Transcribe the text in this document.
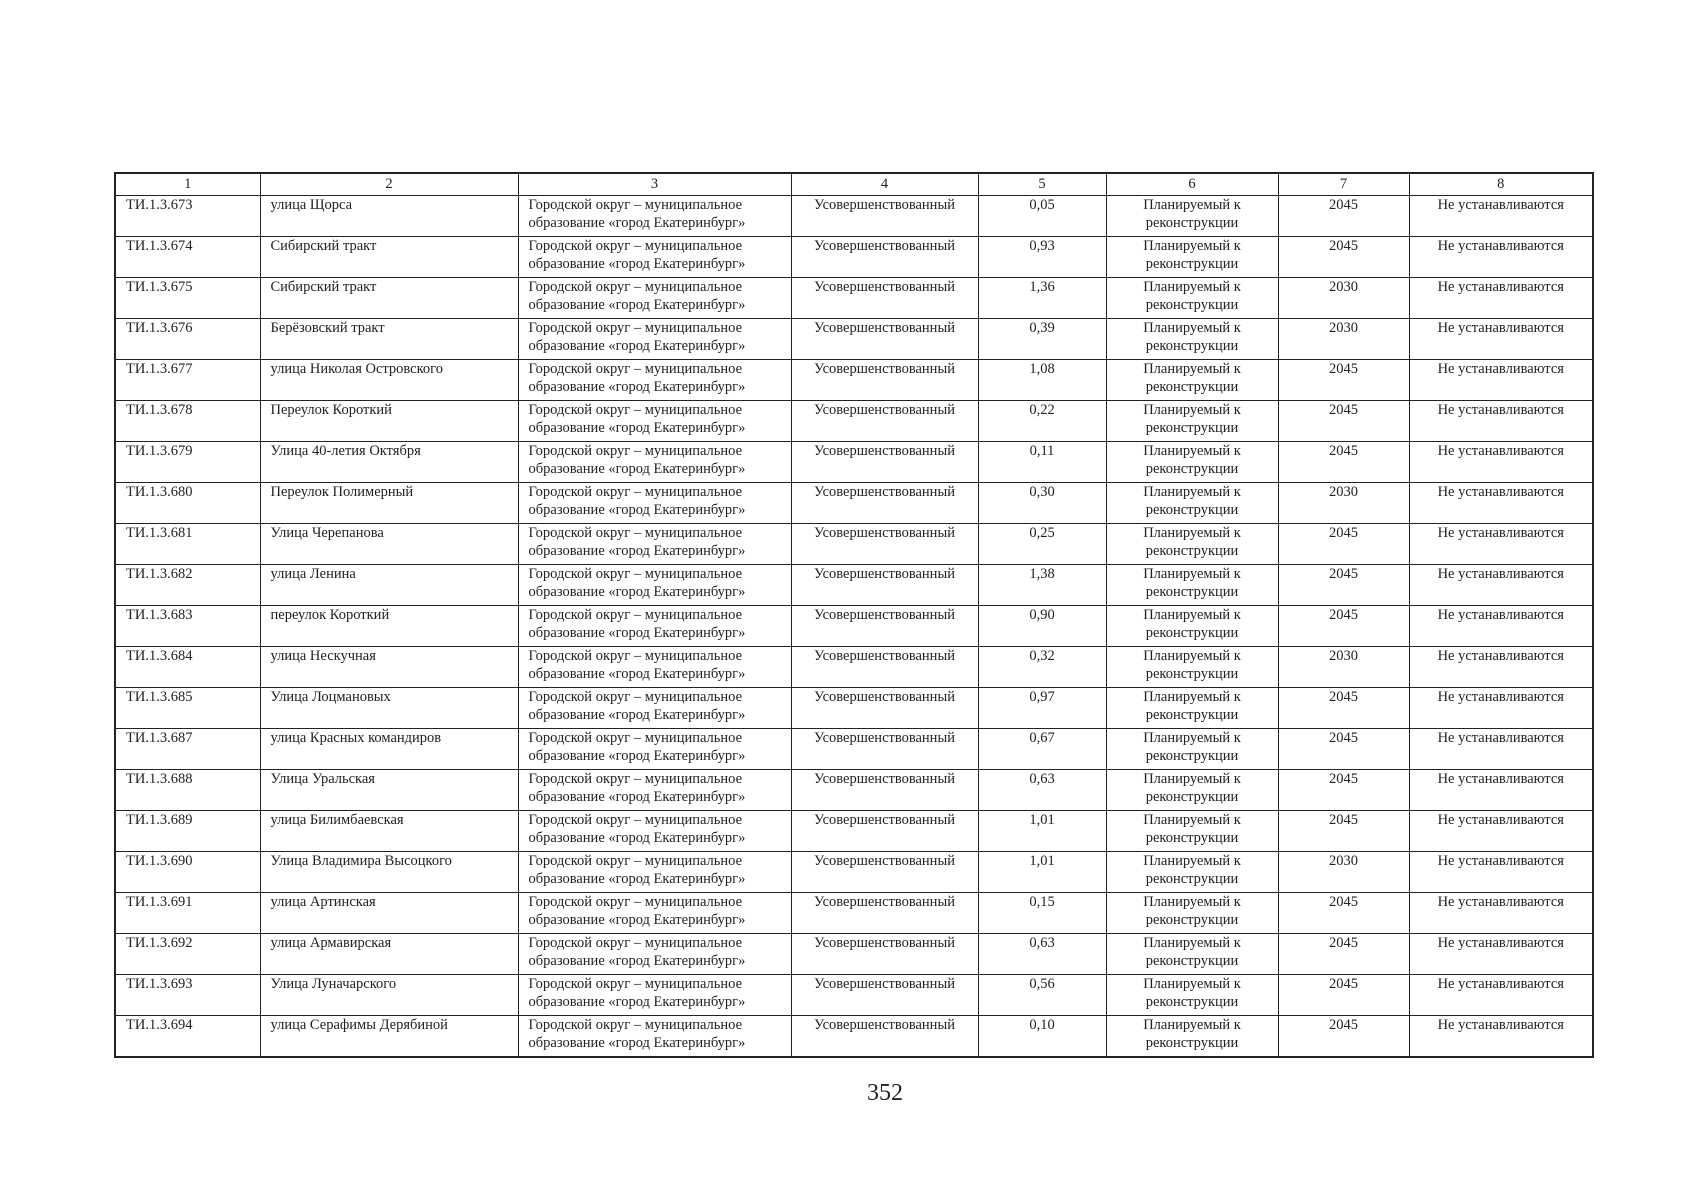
1	2	3	4	5	6	7	8
ТИ.1.3.673	улица Щорса	Городской округ – муниципальное образование «город Екатеринбург»	Усовершенствованный	0,05	Планируемый к реконструкции	2045	Не устанавливаются
ТИ.1.3.674	Сибирский тракт	Городской округ – муниципальное образование «город Екатеринбург»	Усовершенствованный	0,93	Планируемый к реконструкции	2045	Не устанавливаются
ТИ.1.3.675	Сибирский тракт	Городской округ – муниципальное образование «город Екатеринбург»	Усовершенствованный	1,36	Планируемый к реконструкции	2030	Не устанавливаются
ТИ.1.3.676	Берёзовский тракт	Городской округ – муниципальное образование «город Екатеринбург»	Усовершенствованный	0,39	Планируемый к реконструкции	2030	Не устанавливаются
ТИ.1.3.677	улица Николая Островского	Городской округ – муниципальное образование «город Екатеринбург»	Усовершенствованный	1,08	Планируемый к реконструкции	2045	Не устанавливаются
ТИ.1.3.678	Переулок Короткий	Городской округ – муниципальное образование «город Екатеринбург»	Усовершенствованный	0,22	Планируемый к реконструкции	2045	Не устанавливаются
ТИ.1.3.679	Улица 40-летия Октября	Городской округ – муниципальное образование «город Екатеринбург»	Усовершенствованный	0,11	Планируемый к реконструкции	2045	Не устанавливаются
ТИ.1.3.680	Переулок Полимерный	Городской округ – муниципальное образование «город Екатеринбург»	Усовершенствованный	0,30	Планируемый к реконструкции	2030	Не устанавливаются
ТИ.1.3.681	Улица Черепанова	Городской округ – муниципальное образование «город Екатеринбург»	Усовершенствованный	0,25	Планируемый к реконструкции	2045	Не устанавливаются
ТИ.1.3.682	улица Ленина	Городской округ – муниципальное образование «город Екатеринбург»	Усовершенствованный	1,38	Планируемый к реконструкции	2045	Не устанавливаются
ТИ.1.3.683	переулок Короткий	Городской округ – муниципальное образование «город Екатеринбург»	Усовершенствованный	0,90	Планируемый к реконструкции	2045	Не устанавливаются
ТИ.1.3.684	улица Нескучная	Городской округ – муниципальное образование «город Екатеринбург»	Усовершенствованный	0,32	Планируемый к реконструкции	2030	Не устанавливаются
ТИ.1.3.685	Улица Лоцмановых	Городской округ – муниципальное образование «город Екатеринбург»	Усовершенствованный	0,97	Планируемый к реконструкции	2045	Не устанавливаются
ТИ.1.3.687	улица Красных командиров	Городской округ – муниципальное образование «город Екатеринбург»	Усовершенствованный	0,67	Планируемый к реконструкции	2045	Не устанавливаются
ТИ.1.3.688	Улица Уральская	Городской округ – муниципальное образование «город Екатеринбург»	Усовершенствованный	0,63	Планируемый к реконструкции	2045	Не устанавливаются
ТИ.1.3.689	улица Билимбаевская	Городской округ – муниципальное образование «город Екатеринбург»	Усовершенствованный	1,01	Планируемый к реконструкции	2045	Не устанавливаются
ТИ.1.3.690	Улица Владимира Высоцкого	Городской округ – муниципальное образование «город Екатеринбург»	Усовершенствованный	1,01	Планируемый к реконструкции	2030	Не устанавливаются
ТИ.1.3.691	улица Артинская	Городской округ – муниципальное образование «город Екатеринбург»	Усовершенствованный	0,15	Планируемый к реконструкции	2045	Не устанавливаются
ТИ.1.3.692	улица Армавирская	Городской округ – муниципальное образование «город Екатеринбург»	Усовершенствованный	0,63	Планируемый к реконструкции	2045	Не устанавливаются
ТИ.1.3.693	Улица Луначарского	Городской округ – муниципальное образование «город Екатеринбург»	Усовершенствованный	0,56	Планируемый к реконструкции	2045	Не устанавливаются
ТИ.1.3.694	улица Серафимы Дерябиной	Городской округ – муниципальное образование «город Екатеринбург»	Усовершенствованный	0,10	Планируемый к реконструкции	2045	Не устанавливаются
352
